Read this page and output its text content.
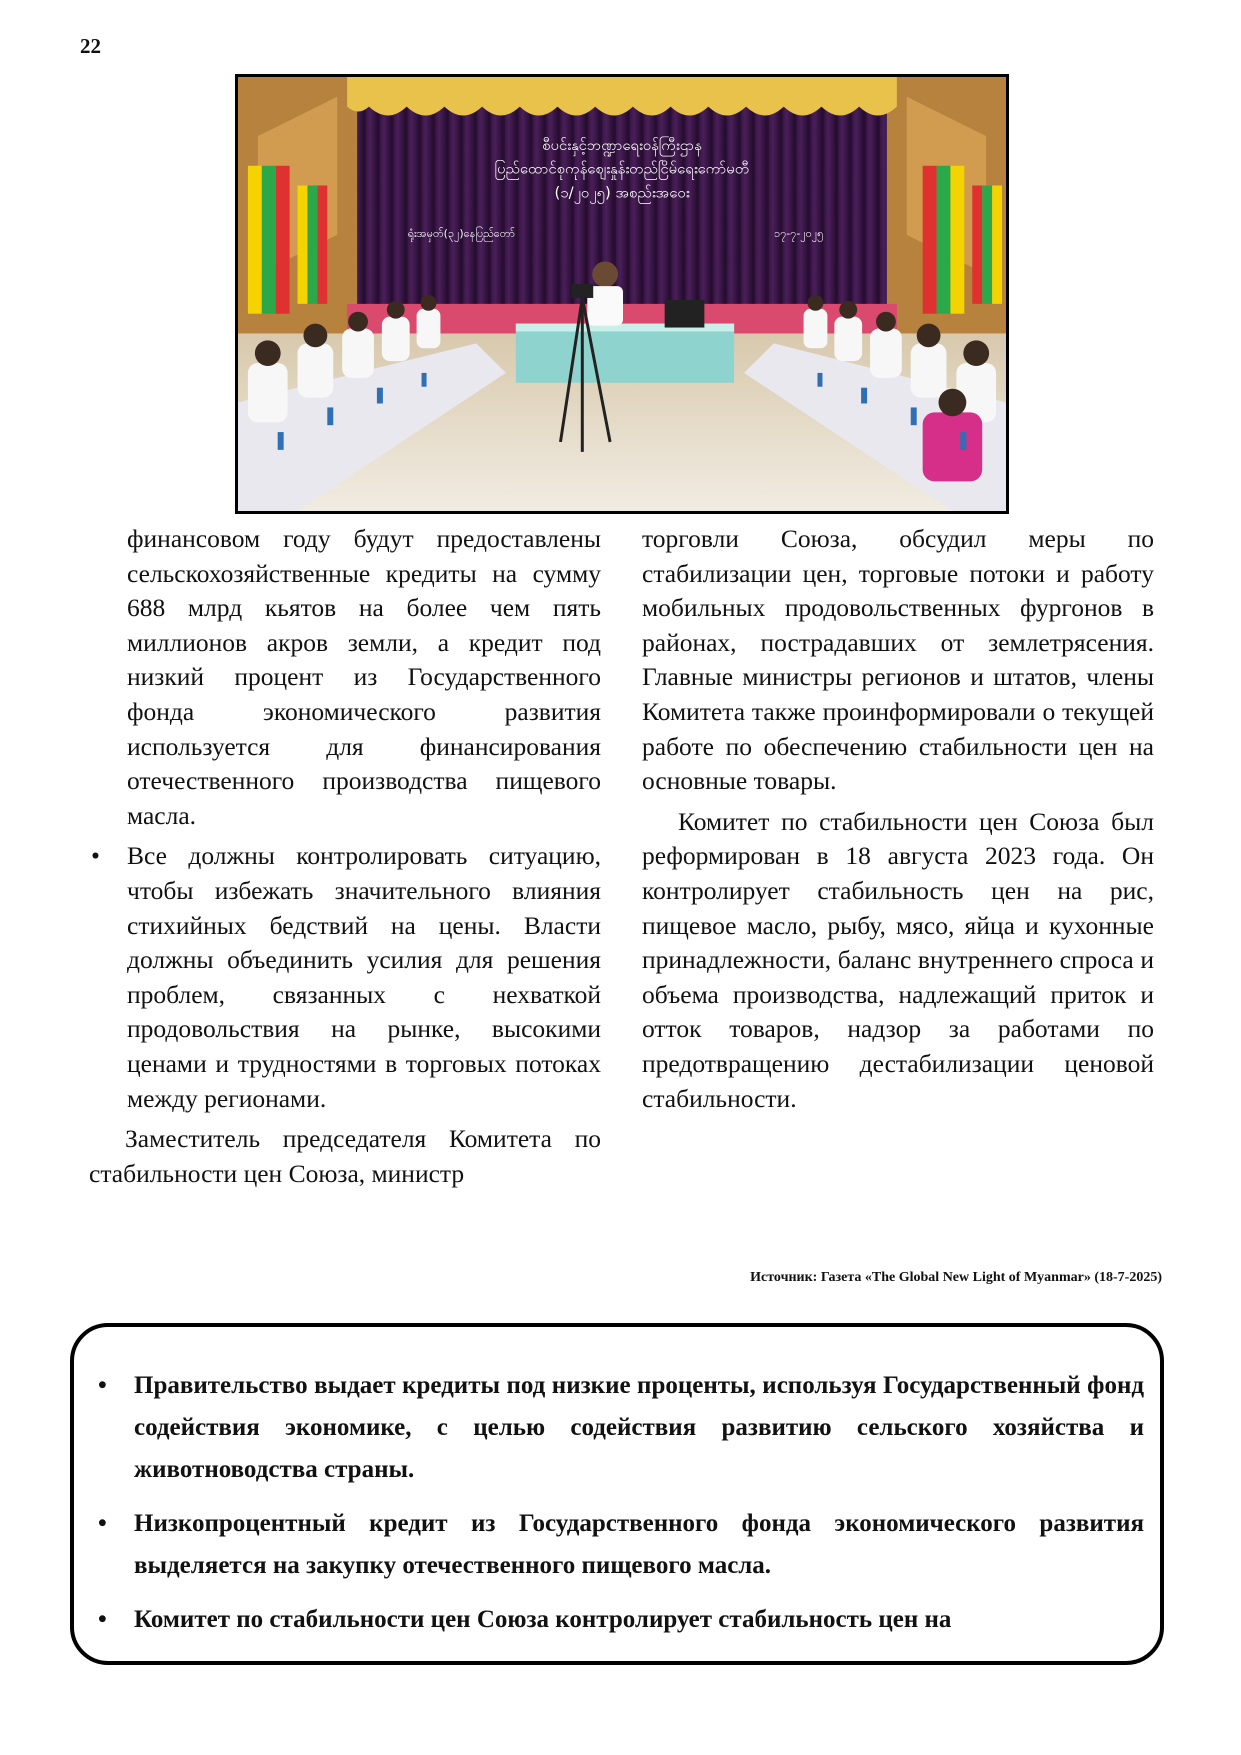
22
စီပင်းနှင့်ဘဏ္ဍာရေးဝန်ကြီးဌာန
ပြည်ထောင်စုကုန်စျေးနှုန်းတည်ငြိမ်ရေးကော်မတီ
(၁/၂၀၂၅) အစည်းအဝေး
ရုံးအမှတ်(၃၂)နေပြည်တော်	၁၇-၇-၂၀၂၅

финансовом году будут предоставлены сельскохозяйственные кредиты на сумму 688 млрд кьятов на более чем пять миллионов акров земли, а кредит под низкий процент из Государственного фонда экономического развития используется для финансирования отечественного производства пищевого масла.

• Все должны контролировать ситуацию, чтобы избежать значительного влияния стихийных бедствий на цены. Власти должны объединить усилия для решения проблем, связанных с нехваткой продовольствия на рынке, высокими ценами и трудностями в торговых потоках между регионами.

Заместитель председателя Комитета по стабильности цен Союза, министр

торговли Союза, обсудил меры по стабилизации цен, торговые потоки и работу мобильных продовольственных фургонов в районах, пострадавших от землетрясения. Главные министры регионов и штатов, члены Комитета также проинформировали о текущей работе по обеспечению стабильности цен на основные товары.

Комитет по стабильности цен Союза был реформирован в 18 августа 2023 года. Он контролирует стабильность цен на рис, пищевое масло, рыбу, мясо, яйца и кухонные принадлежности, баланс внутреннего спроса и объема производства, надлежащий приток и отток товаров, надзор за работами по предотвращению дестабилизации ценовой стабильности.

Источник: Газета «The Global New Light of Myanmar» (18-7-2025)
• Правительство выдает кредиты под низкие проценты, используя Государственный фонд содействия экономике, с целью содействия развитию сельского хозяйства и животноводства страны.
• Низкопроцентный кредит из Государственного фонда экономического развития выделяется на закупку отечественного пищевого масла.
• Комитет по стабильности цен Союза контролирует стабильность цен на
